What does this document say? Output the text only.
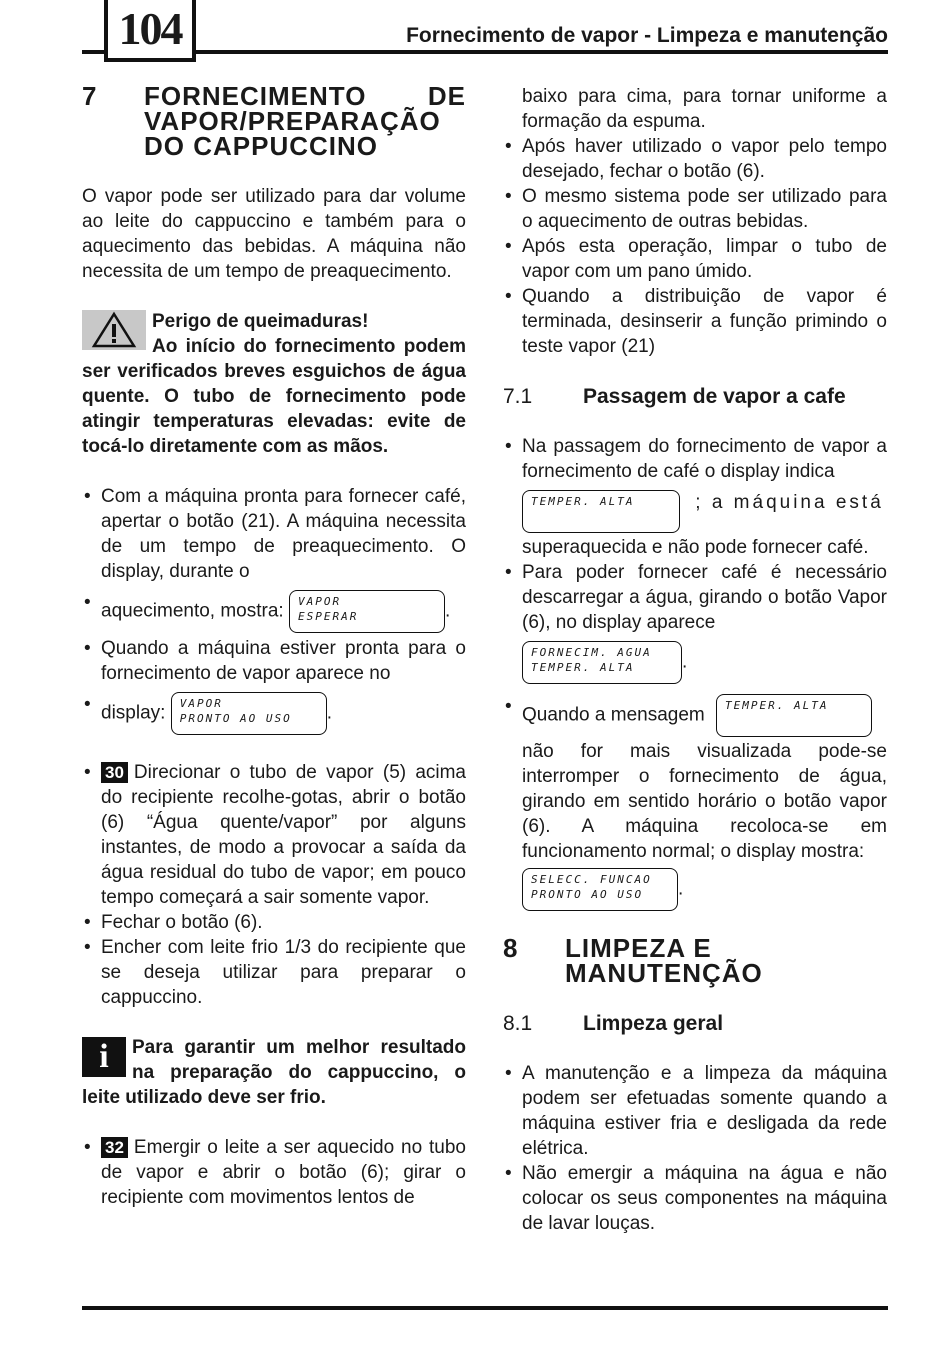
104	Fornecimento de vapor - Limpeza e manutenção
7 FORNECIMENTO DE VAPOR/PREPARAÇÃO DO CAPPUCCINO

O vapor pode ser utilizado para dar volume ao leite do cappuccino e também para o aquecimento das bebidas. A máquina não necessita de um tempo de preaquecimento.

Perigo de queimaduras!

Ao início do fornecimento podem ser verificados breves esguichos de água quente. O tubo de fornecimento pode atingir temperaturas elevadas: evite de tocá-lo diretamente com as mãos.

• Com a máquina pronta para fornecer café, apertar o botão (21). A máquina necessita de um tempo de preaquecimento. O display, durante o
• aquecimento, mostra: VAPOR
ESPERAR	.
• Quando a máquina estiver pronta para o fornecimento de vapor aparece no
• display: VAPOR
PRONTO AO USO	.
• 30 Direcionar o tubo de vapor (5) acima do recipiente recolhe-gotas, abrir o botão (6) “Água quente/vapor” por alguns instantes, de modo a provocar a saída da água residual do tubo de vapor; em pouco tempo começará a sair somente vapor.
• Fechar o botão (6).
• Encher com leite frio 1/3 do recipiente que se deseja utilizar para preparar o cappuccino.
i	Para garantir um melhor resultado na preparação do cappuccino, o leite utilizado deve ser frio.

• 32 Emergir o leite a ser aquecido no tubo de vapor e abrir o botão (6); girar o recipiente com movimentos lentos de

baixo para cima, para tornar uniforme a formação da espuma.

• Após haver utilizado o vapor pelo tempo desejado, fechar o botão (6).
• O mesmo sistema pode ser utilizado para o aquecimento de outras bebidas.
• Após esta operação, limpar o tubo de vapor com um pano úmido.
• Quando a distribuição de vapor é terminada, desinserir a função primindo o teste vapor (21)
7.1 Passagem de vapor a cafe
• Na passagem do fornecimento de vapor a fornecimento de café o display indica
TEMPER. ALTA	; a máquina está

superaquecida e não pode fornecer café.

• Para poder fornecer café é necessário descarregar a água, girando o botão Vapor (6), no display aparece
FORNECIM. AGUA
TEMPER. ALTA	.
• Quando a mensagem TEMPER. ALTA

não for mais visualizada pode-se interromper o fornecimento de água, girando em sentido horário o botão vapor (6). A máquina recoloca-se em funcionamento normal; o display mostra:

SELECC. FUNCAO
PRONTO AO USO	.
8 LIMPEZA E MANUTENÇÃO
8.1 Limpeza geral
• A manutenção e a limpeza da máquina podem ser efetuadas somente quando a máquina estiver fria e desligada da rede elétrica.
• Não emergir a máquina na água e não colocar os seus componentes na máquina de lavar louças.
